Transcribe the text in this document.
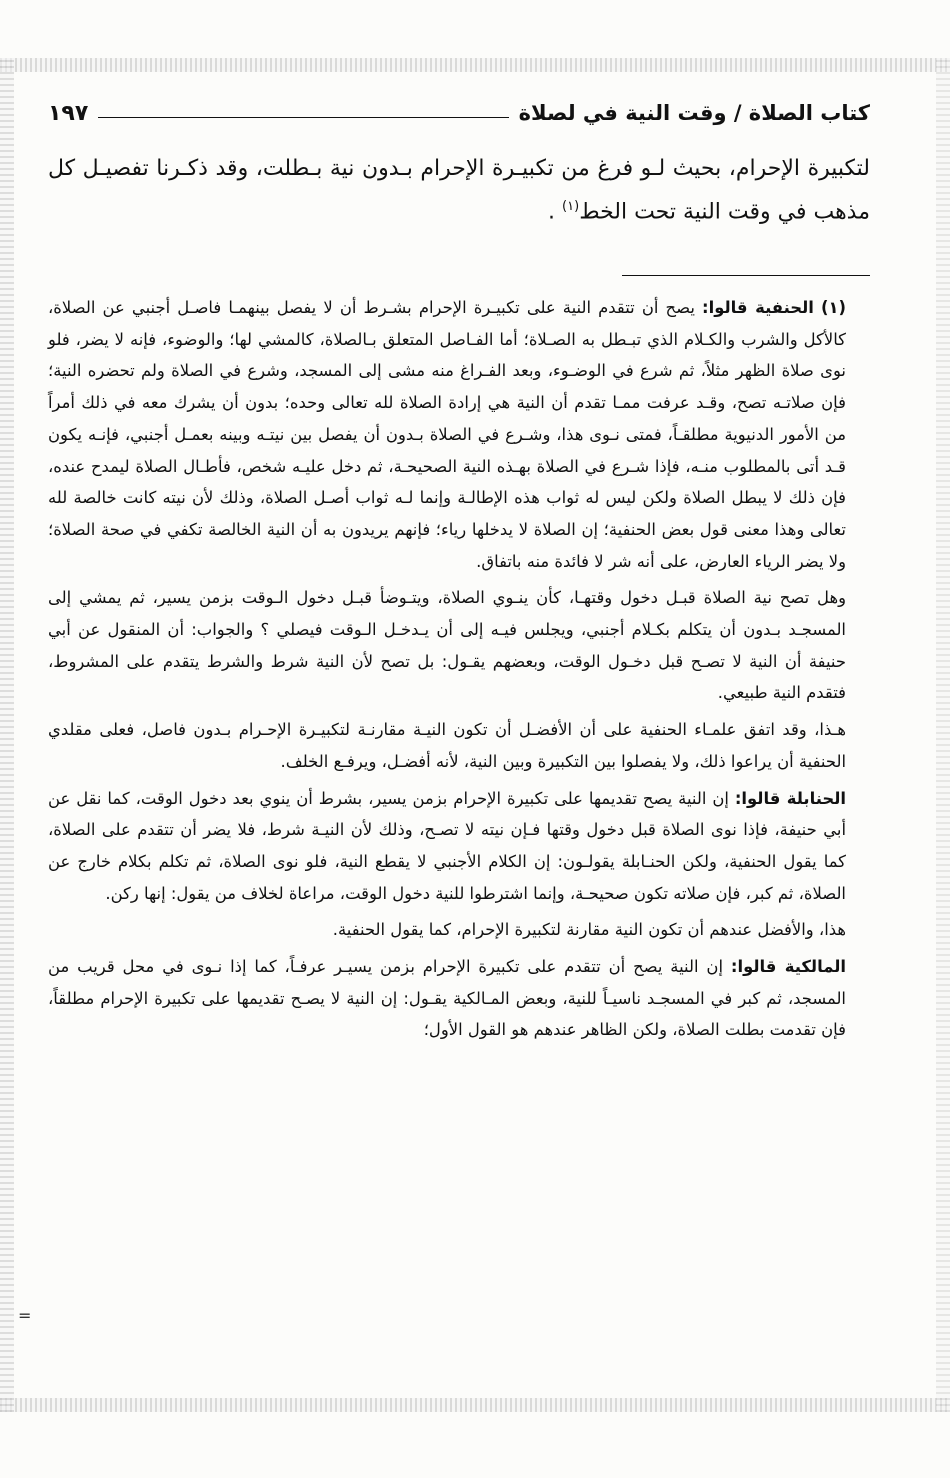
كتاب الصلاة / وقت النية في لصلاة
١٩٧

لتكبيرة الإحرام، بحيث لـو فرغ من تكبيـرة الإحرام بـدون نية بـطلت، وقد ذكـرنا تفصيـل كل مذهب في وقت النية تحت الخط$^{(١)}$ .

(١) الحنفية قالوا: يصح أن تتقدم النية على تكبيـرة الإحرام بشـرط أن لا يفصل بينهمـا فاصـل أجنبي عن الصلاة، كالأكل والشرب والكـلام الذي تبـطل به الصـلاة؛ أما الفـاصل المتعلق بـالصلاة، كالمشي لها؛ والوضوء، فإنه لا يضر، فلو نوى صلاة الظهر مثلاً، ثم شرع في الوضـوء، وبعد الفـراغ منه مشى إلى المسجد، وشرع في الصلاة ولم تحضره النية؛ فإن صلاتـه تصح، وقـد عرفت ممـا تقدم أن النية هي إرادة الصلاة لله تعالى وحده؛ بدون أن يشرك معه في ذلك أمراً من الأمور الدنيوية مطلقـاً، فمتى نـوى هذا، وشـرع في الصلاة بـدون أن يفصل بين نيتـه وبينه بعمـل أجنبي، فإنـه يكون قـد أتى بالمطلوب منـه، فإذا شـرع في الصلاة بهـذه النية الصحيحـة، ثم دخل عليـه شخص، فأطـال الصلاة ليمدح عنده، فإن ذلك لا يبطل الصلاة ولكن ليس له ثواب هذه الإطالـة وإنما لـه ثواب أصـل الصلاة، وذلك لأن نيته كانت خالصة لله تعالى وهذا معنى قول بعض الحنفية؛ إن الصلاة لا يدخلها رياء؛ فإنهم يريدون به أن النية الخالصة تكفي في صحة الصلاة؛ ولا يضر الرياء العارض، على أنه شر لا فائدة منه باتفاق.

وهل تصح نية الصلاة قبـل دخول وقتهـا، كأن ينـوي الصلاة، ويتـوضأ قبـل دخول الـوقت بزمن يسير، ثم يمشي إلى المسجـد بـدون أن يتكلم بكـلام أجنبي، ويجلس فيـه إلى أن يـدخـل الـوقت فيصلي ؟ والجواب: أن المنقول عن أبي حنيفة أن النية لا تصـح قبل دخـول الوقت، وبعضهم يقـول: بل تصح لأن النية شرط والشرط يتقدم على المشروط، فتقدم النية طبيعي.

هـذا، وقد اتفق علمـاء الحنفية على أن الأفضـل أن تكون النيـة مقارنـة لتكبيـرة الإحـرام بـدون فاصل، فعلى مقلدي الحنفية أن يراعوا ذلك، ولا يفصلوا بين التكبيرة وبين النية، لأنه أفضـل، ويرفـع الخلف.

الحنابلة قالوا: إن النية يصح تقديمها على تكبيرة الإحرام بزمن يسير، بشرط أن ينوي بعد دخول الوقت، كما نقل عن أبي حنيفة، فإذا نوى الصلاة قبل دخول وقتها فـإن نيته لا تصـح، وذلك لأن النيـة شرط، فلا يضر أن تتقدم على الصلاة، كما يقول الحنفية، ولكن الحنـابلة يقولـون: إن الكلام الأجنبي لا يقطع النية، فلو نوى الصلاة، ثم تكلم بكلام خارج عن الصلاة، ثم كبر، فإن صلاته تكون صحيحـة، وإنما اشترطوا للنية دخول الوقت، مراعاة لخلاف من يقول: إنها ركن.

هذا، والأفضل عندهم أن تكون النية مقارنة لتكبيرة الإحرام، كما يقول الحنفية.

المالكية قالوا: إن النية يصح أن تتقدم على تكبيرة الإحرام بزمن يسيـر عرفـاً، كما إذا نـوى في محل قريب من المسجد، ثم كبر في المسجـد ناسيـاً للنية، وبعض المـالكية يقـول: إن النية لا يصـح تقديمها على تكبيرة الإحرام مطلقاً، فإن تقدمت بطلت الصلاة، ولكن الظاهر عندهم هو القول الأول؛

=
